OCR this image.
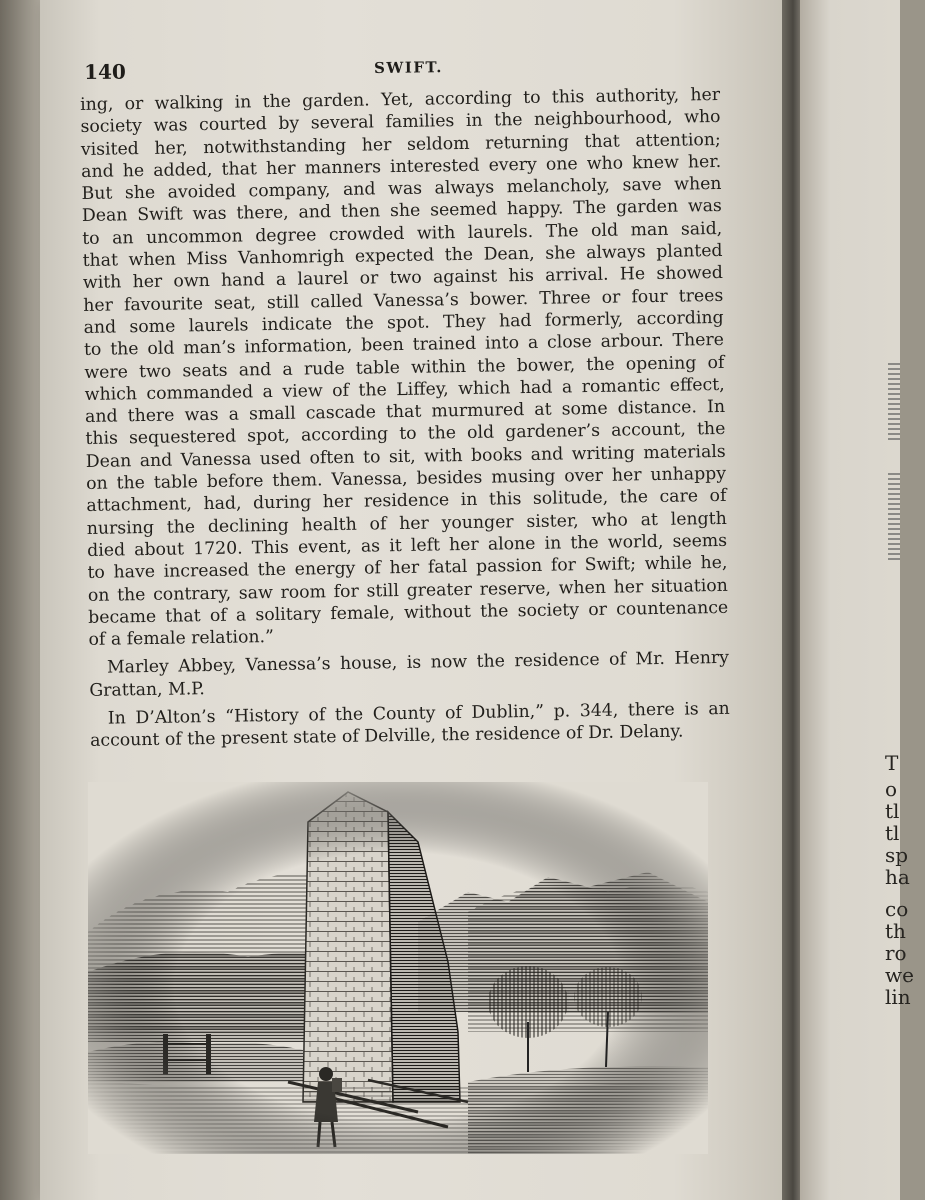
140	SWIFT.
ing, or walking in the garden. Yet, according to this authority, her
society was courted by several families in the neighbourhood, who
visited her, notwithstanding her seldom returning that attention;
and he added, that her manners interested every one who knew her.
But she avoided company, and was always melancholy, save when
Dean Swift was there, and then she seemed happy. The garden was
to an uncommon degree crowded with laurels. The old man said,
that when Miss Vanhomrigh expected the Dean, she always planted
with her own hand a laurel or two against his arrival. He showed
her favourite seat, still called Vanessa’s bower. Three or four trees
and some laurels indicate the spot. They had formerly, according
to the old man’s information, been trained into a close arbour. There
were two seats and a rude table within the bower, the opening of
which commanded a view of the Liffey, which had a romantic effect,
and there was a small cascade that murmured at some distance. In
this sequestered spot, according to the old gardener’s account, the
Dean and Vanessa used often to sit, with books and writing materials
on the table before them. Vanessa, besides musing over her unhappy
attachment, had, during her residence in this solitude, the care of
nursing the declining health of her younger sister, who at length
died about 1720. This event, as it left her alone in the world, seems
to have increased the energy of her fatal passion for Swift; while he,
on the contrary, saw room for still greater reserve, when her situation
became that of a solitary female, without the society or countenance
of a female relation.”
Marley Abbey, Vanessa’s house, is now the residence of Mr. Henry
Grattan, M.P.
In D’Alton’s “History of the County of Dublin,” p. 344, there is an
account of the present state of Delville, the residence of Dr. Delany.
T
o
tl
tl
sp
ha
co
th
ro
we
lin
